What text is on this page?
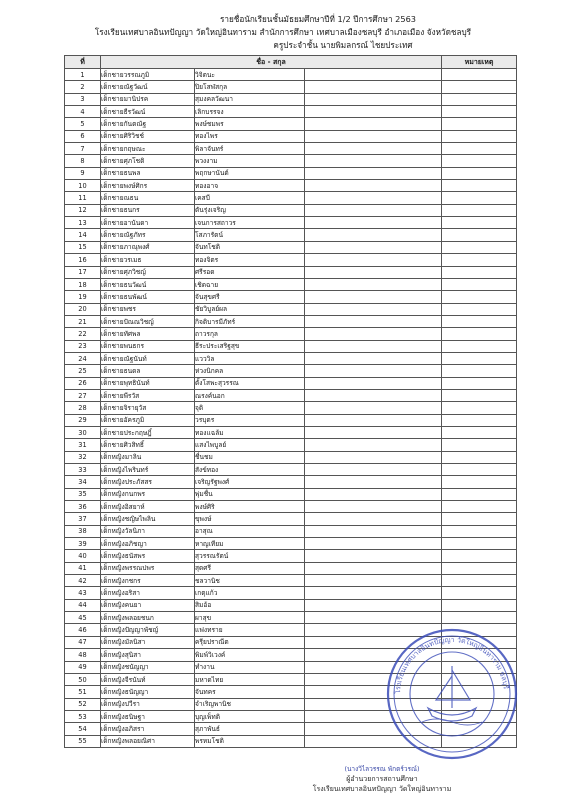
รายชื่อนักเรียนชั้นมัธยมศึกษาปีที่ 1/2 ปีการศึกษา 2563
โรงเรียนเทศบาลอินทปัญญา วัดใหญ่อินทาราม สำนักการศึกษา เทศบาลเมืองชลบุรี อำเภอเมือง จังหวัดชลบุรี
ครูประจำชั้น นายพิมลกรณ์ ไชยประเทศ
ที่	ชื่อ - สกุล			หมายเหตุ
1	เด็กชายวรรณภูมิ	วิจิตนะ		
2	เด็กชายณัฐวัฒน์	ปิยโสฬสกุล		
3	เด็กชายมานิปรค	สุมงคลวัฒนา		
4	เด็กชายธีรวัฒน์	เลิกบรรจง		
5	เด็กชายกันตณัฐ	พงษ์ชมพร		
6	เด็กชายศิริวิชช์	ทองไพร		
7	เด็กชายกฤษณะ	พิลาจันทร์		
8	เด็กชายศุภโชติ	พวงงาม		
9	เด็กชายธนพล	พฤกษานันต์		
10	เด็กชายพงษ์ศิกร	ทองอาจ		
11	เด็กชายณธน	เคสบี		
12	เด็กชายธนกร	ตันรุ่งเจริญ		
13	เด็กชายอานันดา	เจนการสถาวร		
14	เด็กชายณัฐภัทร	โสภารัตน์		
15	เด็กชายภาณุพงศ์	จันทโชติ		
16	เด็กชายวรเมธ	ทองจิตร		
17	เด็กชายศุภวิชญ์	ศรีรอด		
18	เด็กชายธนวัฒน์	เชิดฉาย		
19	เด็กชายธนพัฒน์	จันสุขศรี		
20	เด็กชายพชร	ชัยวิบูลย์ผล		
21	เด็กชายปัณณวิชญ์	กิจติบารมีภัทร์		
22	เด็กชายทัศพล	ถาวรกุล		
23	เด็กชายพนธกร	ธีระประเสริฐสุข		
24	เด็กชายณัฐนันท์	แวววิล		
25	เด็กชายธนดล	ห่วงนิกคล		
26	เด็กชายพุทธินันท์	ตั้งโสพะสุวรรณ		
27	เด็กชายพีรวัส	ณรงค์นอก		
28	เด็กชายจิรายุวัส	จุติ		
29	เด็กชายอัครภูมิ	วรบุตร		
30	เด็กชายประกฤษฎิ์	ทองแฉล้ม		
31	เด็กชายศิวสิทธิ์	แสงไพบูลย์		
32	เด็กหญิงมาลิน	ชื่นชม		
33	เด็กหญิงไพรินทร์	สังข์ทอง		
34	เด็กหญิงประภัสสร	เจริญรัฐพงศ์		
35	เด็กหญิงกนกพร	พุ่มชื่น		
36	เด็กหญิงอิสยาห์	พงษ์ศิริ		
37	เด็กหญิงชญิษไพลิน	ขุพงษ์		
38	เด็กหญิงวัลนิภา	อาสุณ		
39	เด็กหญิงอภิชญา	หาญเทียม		
40	เด็กหญิงธนัสพร	สุวรรณรัตน์		
41	เด็กหญิงพรรณปพร	สุดศรี		
42	เด็กหญิงกชกร	ชลวานิช		
43	เด็กหญิงอริสา	เกตุแก้ว		
44	เด็กหญิงคนยา	สิมอ้อ		
45	เด็กหญิงพลอยชนก	ผาสุข		
46	เด็กหญิงปัญญาพัชญ์	แฟงทราย		
47	เด็กหญิงมัลนิสา	ครุียปราณีต		
48	เด็กหญิงสุนิสา	พิมพ์วิเวงค์		
49	เด็กหญิงชนัญญา	ทำงาน		
50	เด็กหญิงจีรนันท์	มหาดไทย		
51	เด็กหญิงธนัญญา	จันทคร		
52	เด็กหญิงปวีรา	จำเริญพานิช		
53	เด็กหญิงธนิษฐา	บุญเพ็ทติ		
54	เด็กหญิงอภิสรา	สุภาพันธ์		
55	เด็กหญิงพลอยณิศา	พรหมโชติ		
โรงเรียนเทศบาลอินทปัญญา วัดใหญ่อินทาราม ชลบุรี
(นางวิไลวรรณ พักตร์วรณ์)
ผู้อำนวยการสถานศึกษา
โรงเรียนเทศบาลอินทปัญญา วัดใหญ่อินทาราม
